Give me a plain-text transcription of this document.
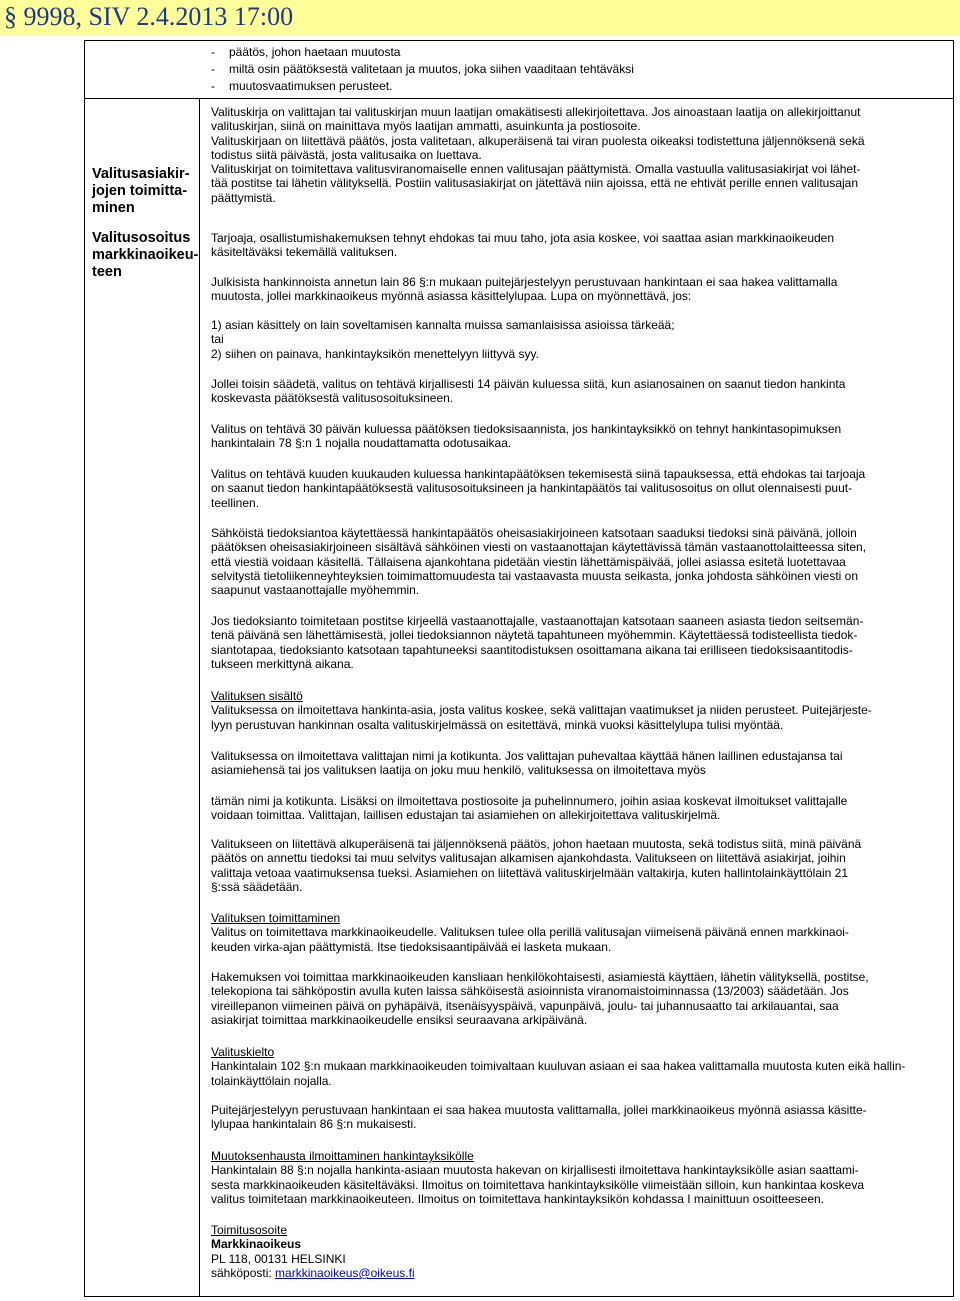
§ 9998, SIV 2.4.2013 17:00
Valitusasiakir-
jojen toimitta-
minen
Valitusosoitus
markkinaoikeu-
teen
- päätös, johon haetaan muutosta
- miltä osin päätöksestä valitetaan ja muutos, joka siihen vaaditaan tehtäväksi
- muutosvaatimuksen perusteet.
Valituskirja on valittajan tai valituskirjan muun laatijan omakätisesti allekirjoitettava. Jos ainoastaan laatija on allekirjoittanut
valituskirjan, siinä on mainittava myös laatijan ammatti, asuinkunta ja postiosoite.
Valituskirjaan on liitettävä päätös, josta valitetaan, alkuperäisenä tai viran puolesta oikeaksi todistettuna jäljennöksenä sekä
todistus siitä päivästä, josta valitusaika on luettava.
Valituskirjat on toimitettava valitusviranomaiselle ennen valitusajan päättymistä. Omalla vastuulla valitusasiakirjat voi lähet-
tää postitse tai lähetin välityksellä. Postiin valitusasiakirjat on jätettävä niin ajoissa, että ne ehtivät perille ennen valitusajan
päättymistä.
Tarjoaja, osallistumishakemuksen tehnyt ehdokas tai muu taho, jota asia koskee, voi saattaa asian markkinaoikeuden
käsiteltäväksi tekemällä valituksen.
Julkisista hankinnoista annetun lain 86 §:n mukaan puitejärjestelyyn perustuvaan hankintaan ei saa hakea valittamalla
muutosta, jollei markkinaoikeus myönnä asiassa käsittelylupaa. Lupa on myönnettävä, jos:
1) asian käsittely on lain soveltamisen kannalta muissa samanlaisissa asioissa tärkeää;
tai
2) siihen on painava, hankintayksikön menettelyyn liittyvä syy.
Jollei toisin säädetä, valitus on tehtävä kirjallisesti 14 päivän kuluessa siitä, kun asianosainen on saanut tiedon hankinta
koskevasta päätöksestä valitusosoituksineen.
Valitus on tehtävä 30 päivän kuluessa päätöksen tiedoksisaannista, jos hankintayksikkö on tehnyt hankintasopimuksen
hankintalain 78 §:n 1 nojalla noudattamatta odotusaikaa.
Valitus on tehtävä kuuden kuukauden kuluessa hankintapäätöksen tekemisestä siinä tapauksessa, että ehdokas tai tarjoaja
on saanut tiedon hankintapäätöksestä valitusosoituksineen ja hankintapäätös tai valitusosoitus on ollut olennaisesti puut-
teellinen.
Sähköistä tiedoksiantoa käytettäessä hankintapäätös oheisasiakirjoineen katsotaan saaduksi tiedoksi sinä päivänä, jolloin
päätöksen oheisasiakirjoineen sisältävä sähköinen viesti on vastaanottajan käytettävissä tämän vastaanottolaitteessa siten,
että viestiä voidaan käsitellä. Tällaisena ajankohtana pidetään viestin lähettämispäivää, jollei asiassa esitetä luotettavaa
selvitystä tietoliikenneyhteyksien toimimattomuudesta tai vastaavasta muusta seikasta, jonka johdosta sähköinen viesti on
saapunut vastaanottajalle myöhemmin.
Jos tiedoksianto toimitetaan postitse kirjeellä vastaanottajalle, vastaanottajan katsotaan saaneen asiasta tiedon seitsemän-
tenä päivänä sen lähettämisestä, jollei tiedoksiannon näytetä tapahtuneen myöhemmin. Käytettäessä todisteellista tiedok-
siantotapaa, tiedoksianto katsotaan tapahtuneeksi saantitodistuksen osoittamana aikana tai erilliseen tiedoksisaantitodis-
tukseen merkittynä aikana.
Valituksen sisältö
Valituksessa on ilmoitettava hankinta-asia, josta valitus koskee, sekä valittajan vaatimukset ja niiden perusteet. Puitejärjeste-
lyyn perustuvan hankinnan osalta valituskirjelmässä on esitettävä, minkä vuoksi käsittelylupa tulisi myöntää.
Valituksessa on ilmoitettava valittajan nimi ja kotikunta. Jos valittajan puhevaltaa käyttää hänen laillinen edustajansa tai
asiamiehensä tai jos valituksen laatija on joku muu henkilö, valituksessa on ilmoitettava myös
tämän nimi ja kotikunta. Lisäksi on ilmoitettava postiosoite ja puhelinnumero, joihin asiaa koskevat ilmoitukset valittajalle
voidaan toimittaa. Valittajan, laillisen edustajan tai asiamiehen on allekirjoitettava valituskirjelmä.
Valitukseen on liitettävä alkuperäisenä tai jäljennöksenä päätös, johon haetaan muutosta, sekä todistus siitä, minä päivänä
päätös on annettu tiedoksi tai muu selvitys valitusajan alkamisen ajankohdasta. Valitukseen on liitettävä asiakirjat, joihin
valittaja vetoaa vaatimuksensa tueksi. Asiamiehen on liitettävä valituskirjelmään valtakirja, kuten hallintolainkäyttölain 21
§:ssä säädetään.
Valituksen toimittaminen
Valitus on toimitettava markkinaoikeudelle. Valituksen tulee olla perillä valitusajan viimeisenä päivänä ennen markkinaoi-
keuden virka-ajan päättymistä. Itse tiedoksisaantipäivää ei lasketa mukaan.
Hakemuksen voi toimittaa markkinaoikeuden kansliaan henkilökohtaisesti, asiamiestä käyttäen, lähetin välityksellä, postitse,
telekopiona tai sähköpostin avulla kuten laissa sähköisestä asioinnista viranomaistoiminnassa (13/2003) säädetään. Jos
vireillepanon viimeinen päivä on pyhäpäivä, itsenäisyyspäivä, vapunpäivä, joulu- tai juhannusaatto tai arkilauantai, saa
asiakirjat toimittaa markkinaoikeudelle ensiksi seuraavana arkipäivänä.
Valituskielto
Hankintalain 102 §:n mukaan markkinaoikeuden toimivaltaan kuuluvan asiaan ei saa hakea valittamalla muutosta kuten eikä hallin-
tolainkäyttölain nojalla.
Puitejärjestelyyn perustuvaan hankintaan ei saa hakea muutosta valittamalla, jollei markkinaoikeus myönnä asiassa käsitte-
lylupaa hankintalain 86 §:n mukaisesti.
Muutoksenhausta ilmoittaminen hankintayksikölle
Hankintalain 88 §:n nojalla hankinta-asiaan muutosta hakevan on kirjallisesti ilmoitettava hankintayksikölle asian saattami-
sesta markkinaoikeuden käsiteltäväksi. Ilmoitus on toimitettava hankintayksikölle viimeistään silloin, kun hankintaa koskeva
valitus toimitetaan markkinaoikeuteen. Ilmoitus on toimitettava hankintayksikön kohdassa I mainittuun osoitteeseen.
Toimitusosoite
Markkinaoikeus
PL 118, 00131 HELSINKI
sähköposti: markkinaoikeus@oikeus.fi
